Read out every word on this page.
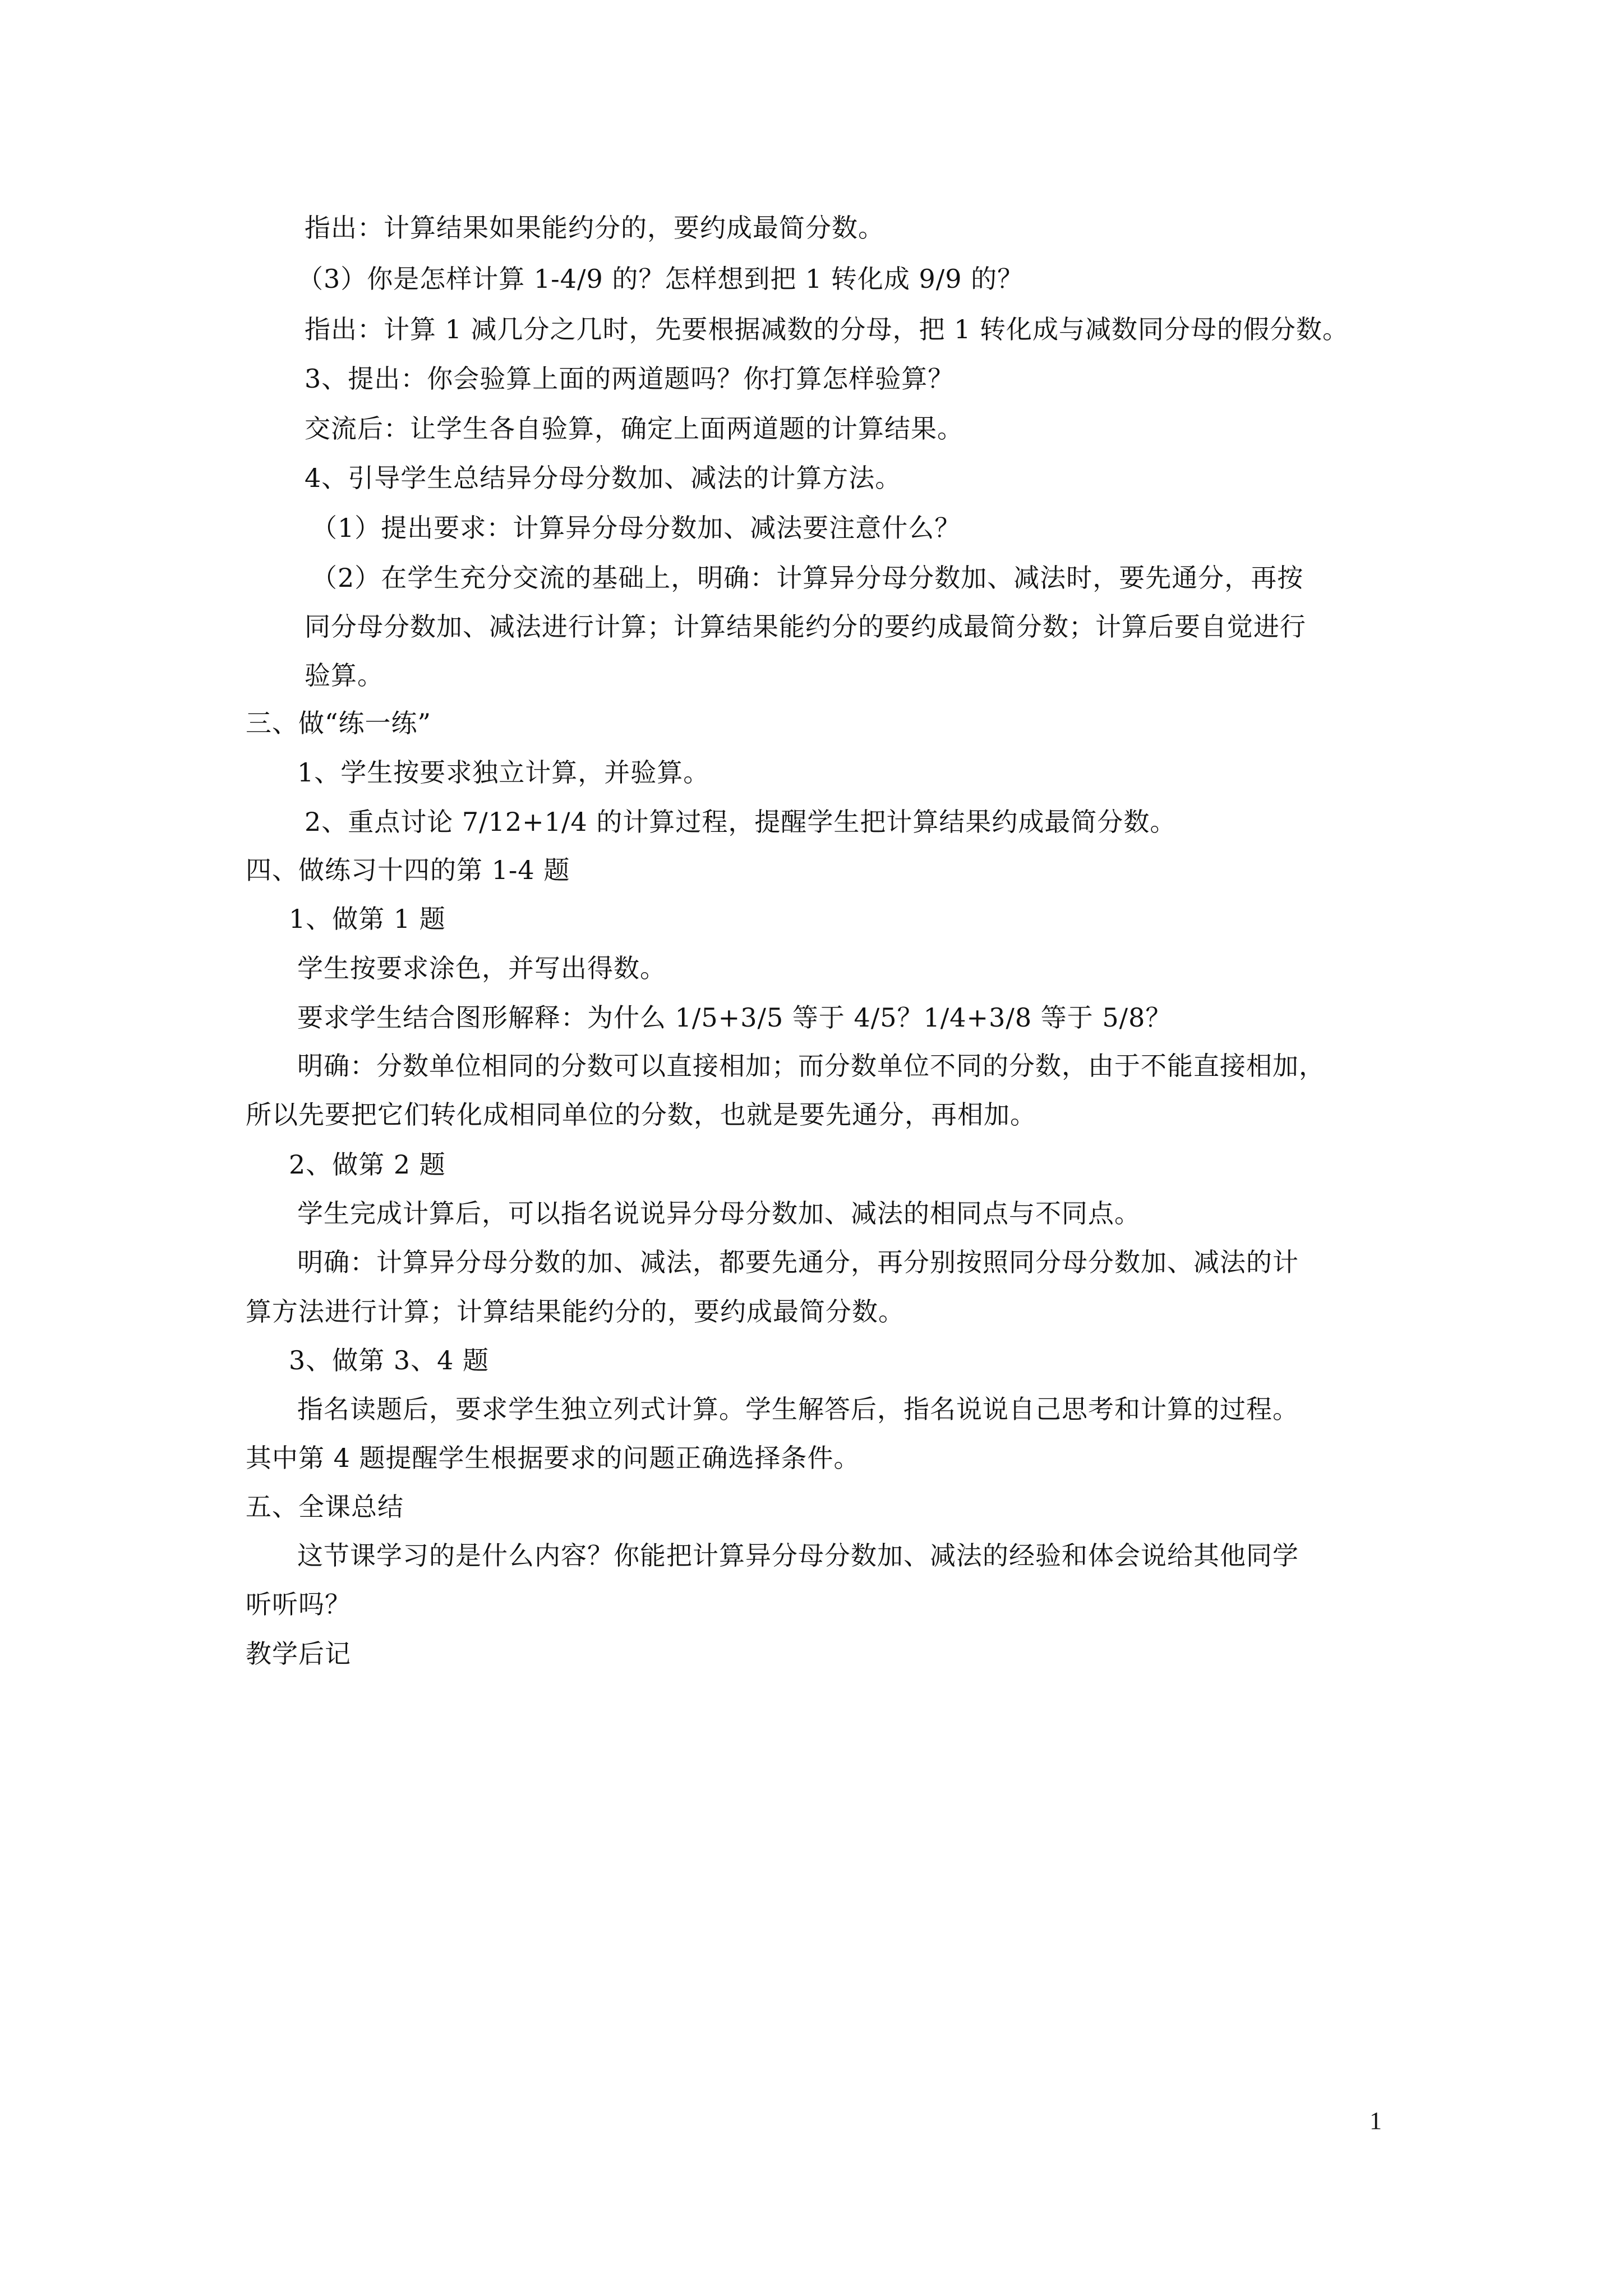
指出：计算结果如果能约分的，要约成最简分数。
（3）你是怎样计算 1-4/9 的？怎样想到把 1 转化成 9/9 的？
指出：计算 1 减几分之几时，先要根据减数的分母，把 1 转化成与减数同分母的假分数。
3、提出：你会验算上面的两道题吗？你打算怎样验算？
交流后：让学生各自验算，确定上面两道题的计算结果。
4、引导学生总结异分母分数加、减法的计算方法。
（1）提出要求：计算异分母分数加、减法要注意什么？
（2）在学生充分交流的基础上，明确：计算异分母分数加、减法时，要先通分，再按
同分母分数加、减法进行计算；计算结果能约分的要约成最简分数；计算后要自觉进行
验算。
三、做“练一练”
1、学生按要求独立计算，并验算。
2、重点讨论 7/12+1/4 的计算过程，提醒学生把计算结果约成最简分数。
四、做练习十四的第 1-4 题
1、做第 1 题
学生按要求涂色，并写出得数。
要求学生结合图形解释：为什么 1/5+3/5 等于 4/5？1/4+3/8 等于 5/8？
明确：分数单位相同的分数可以直接相加；而分数单位不同的分数，由于不能直接相加，
所以先要把它们转化成相同单位的分数，也就是要先通分，再相加。
2、做第 2 题
学生完成计算后，可以指名说说异分母分数加、减法的相同点与不同点。
明确：计算异分母分数的加、减法，都要先通分，再分别按照同分母分数加、减法的计
算方法进行计算；计算结果能约分的，要约成最简分数。
3、做第 3、4 题
指名读题后，要求学生独立列式计算。学生解答后，指名说说自己思考和计算的过程。
其中第 4 题提醒学生根据要求的问题正确选择条件。
五、全课总结
这节课学习的是什么内容？你能把计算异分母分数加、减法的经验和体会说给其他同学
听听吗？
教学后记
1
